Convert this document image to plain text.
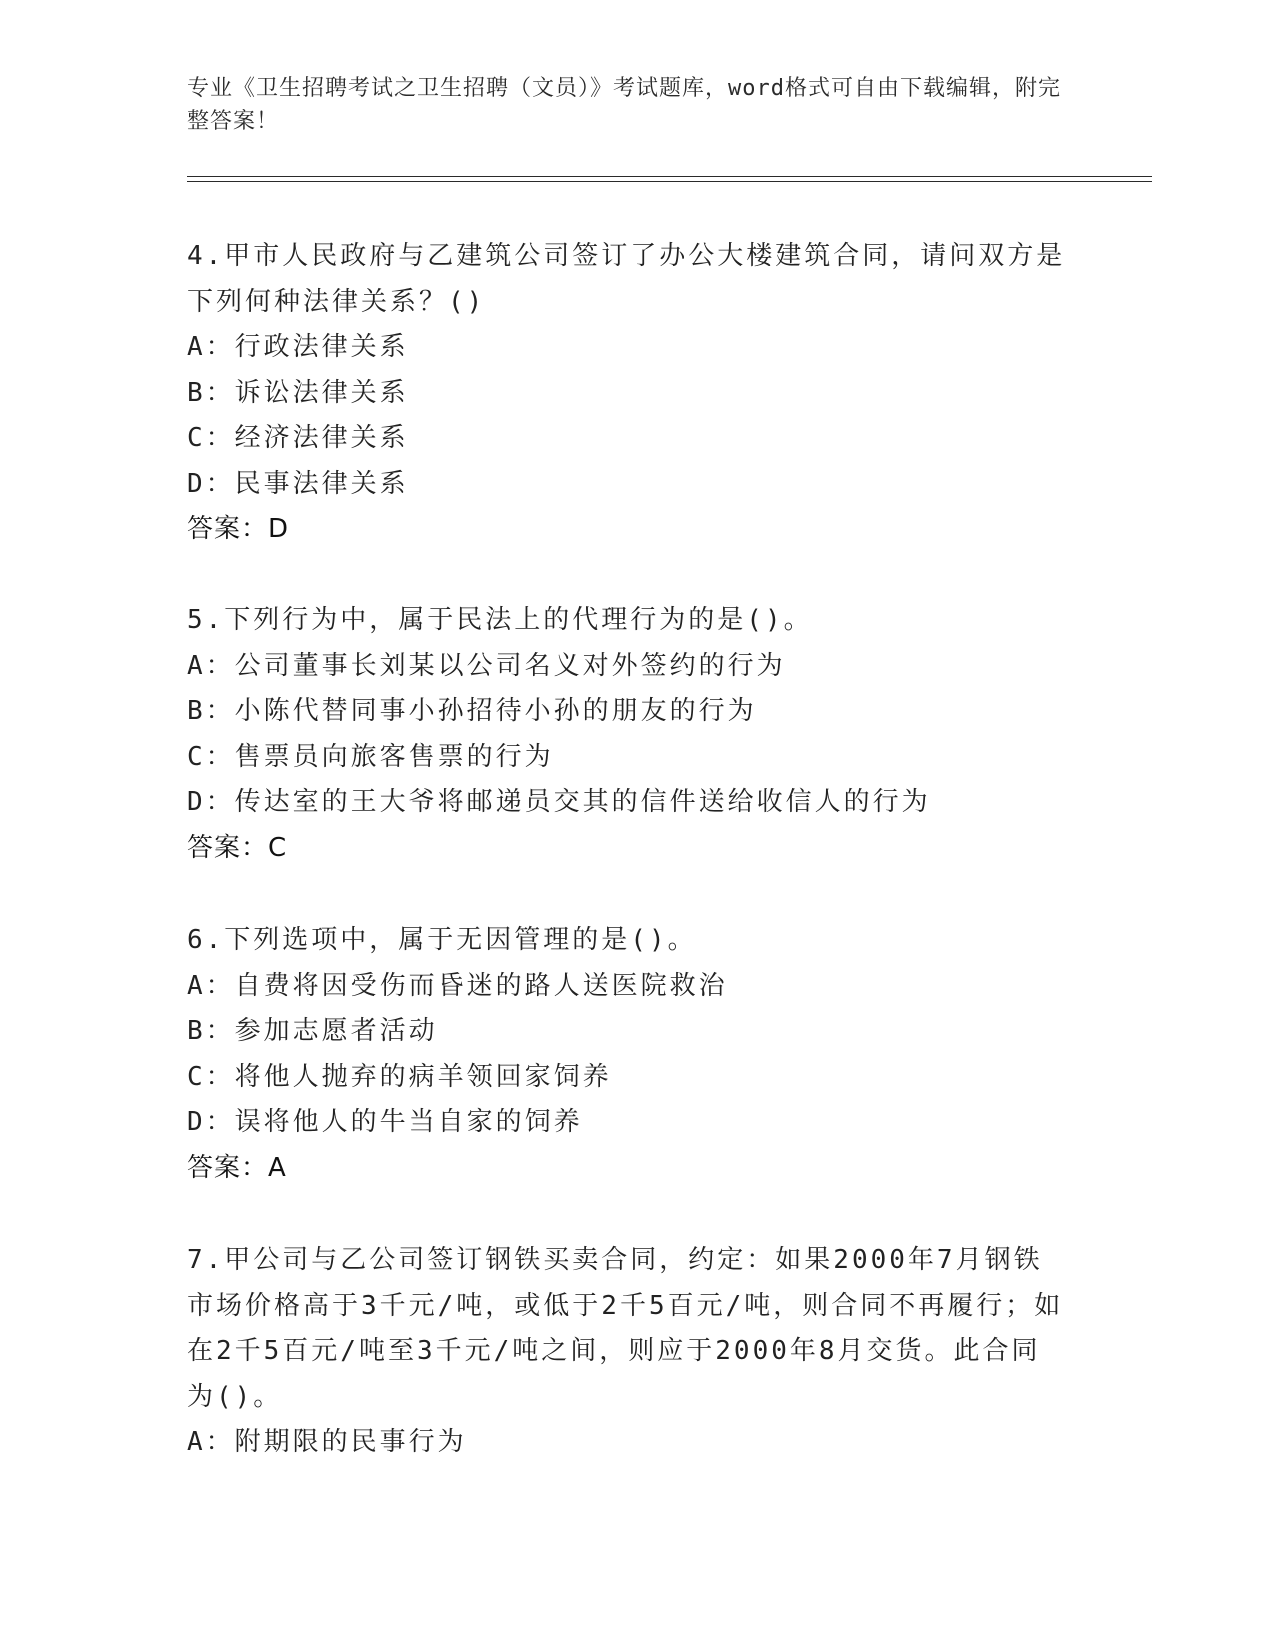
专业《卫生招聘考试之卫生招聘（文员）》考试题库，word格式可自由下载编辑，附完整答案！

4.甲市人民政府与乙建筑公司签订了办公大楼建筑合同，请问双方是下列何种法律关系？()

A：行政法律关系

B：诉讼法律关系

C：经济法律关系

D：民事法律关系

答案：D

5.下列行为中，属于民法上的代理行为的是()。

A：公司董事长刘某以公司名义对外签约的行为

B：小陈代替同事小孙招待小孙的朋友的行为

C：售票员向旅客售票的行为

D：传达室的王大爷将邮递员交其的信件送给收信人的行为

答案：C

6.下列选项中，属于无因管理的是()。

A：自费将因受伤而昏迷的路人送医院救治

B：参加志愿者活动

C：将他人抛弃的病羊领回家饲养

D：误将他人的牛当自家的饲养

答案：A

7.甲公司与乙公司签订钢铁买卖合同，约定：如果2000年7月钢铁市场价格高于3千元/吨，或低于2千5百元/吨，则合同不再履行；如在2千5百元/吨至3千元/吨之间，则应于2000年8月交货。此合同为()。

A：附期限的民事行为
